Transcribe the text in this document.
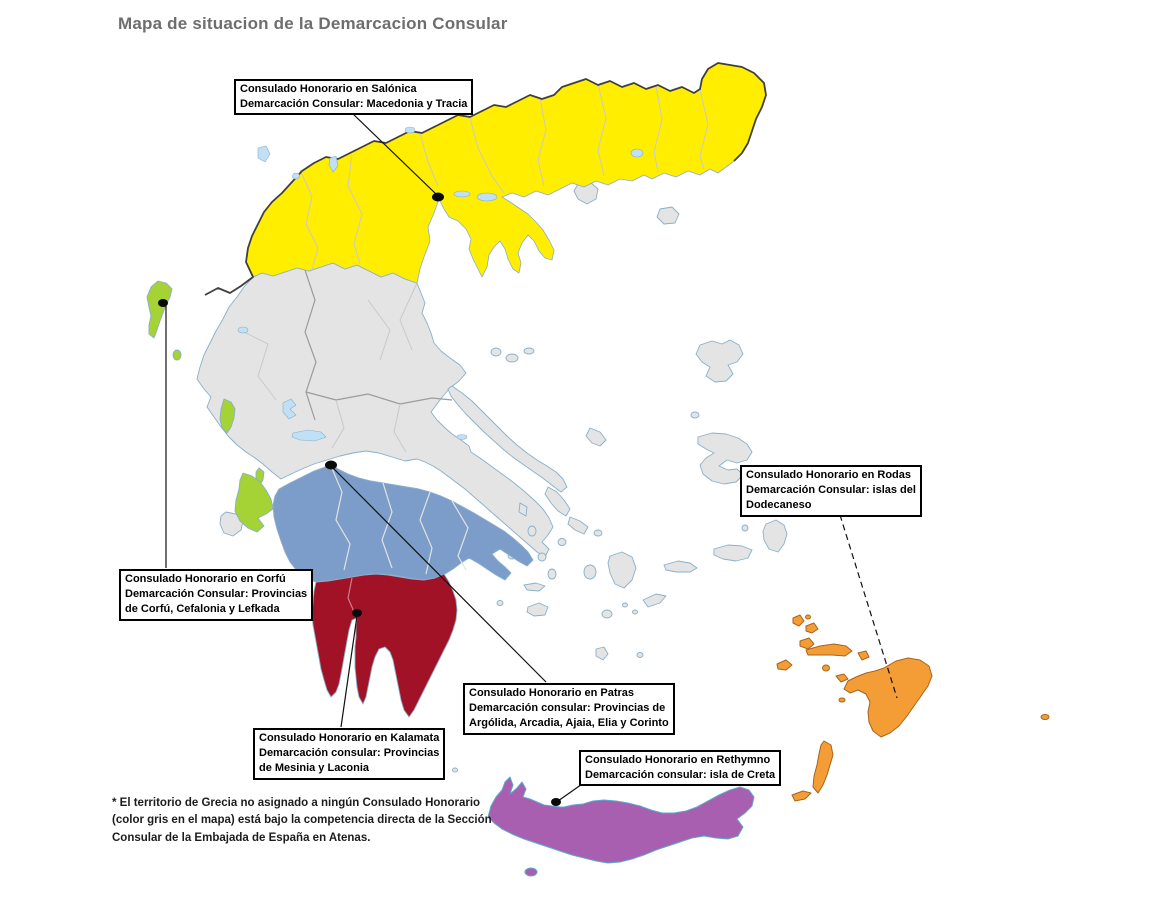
Mapa de situacion de la Demarcacion Consular
Consulado Honorario en Salónica
Demarcación Consular: Macedonia y Tracia
Consulado Honorario en Rodas
Demarcación Consular: islas del
Dodecaneso
Consulado Honorario en Corfú
Demarcación Consular: Provincias
de Corfú, Cefalonia y Lefkada
Consulado Honorario en Patras
Demarcación consular: Provincias de
Argólida, Arcadia, Ajaia, Elia y Corinto
Consulado Honorario en Kalamata
Demarcación consular: Provincias
de Mesinia y Laconia
Consulado Honorario en Rethymno
Demarcación consular: isla de Creta
* El territorio de Grecia no asignado a ningún Consulado Honorario
(color gris en el mapa) está bajo la competencia directa de la Sección
Consular de la Embajada de España en Atenas.
